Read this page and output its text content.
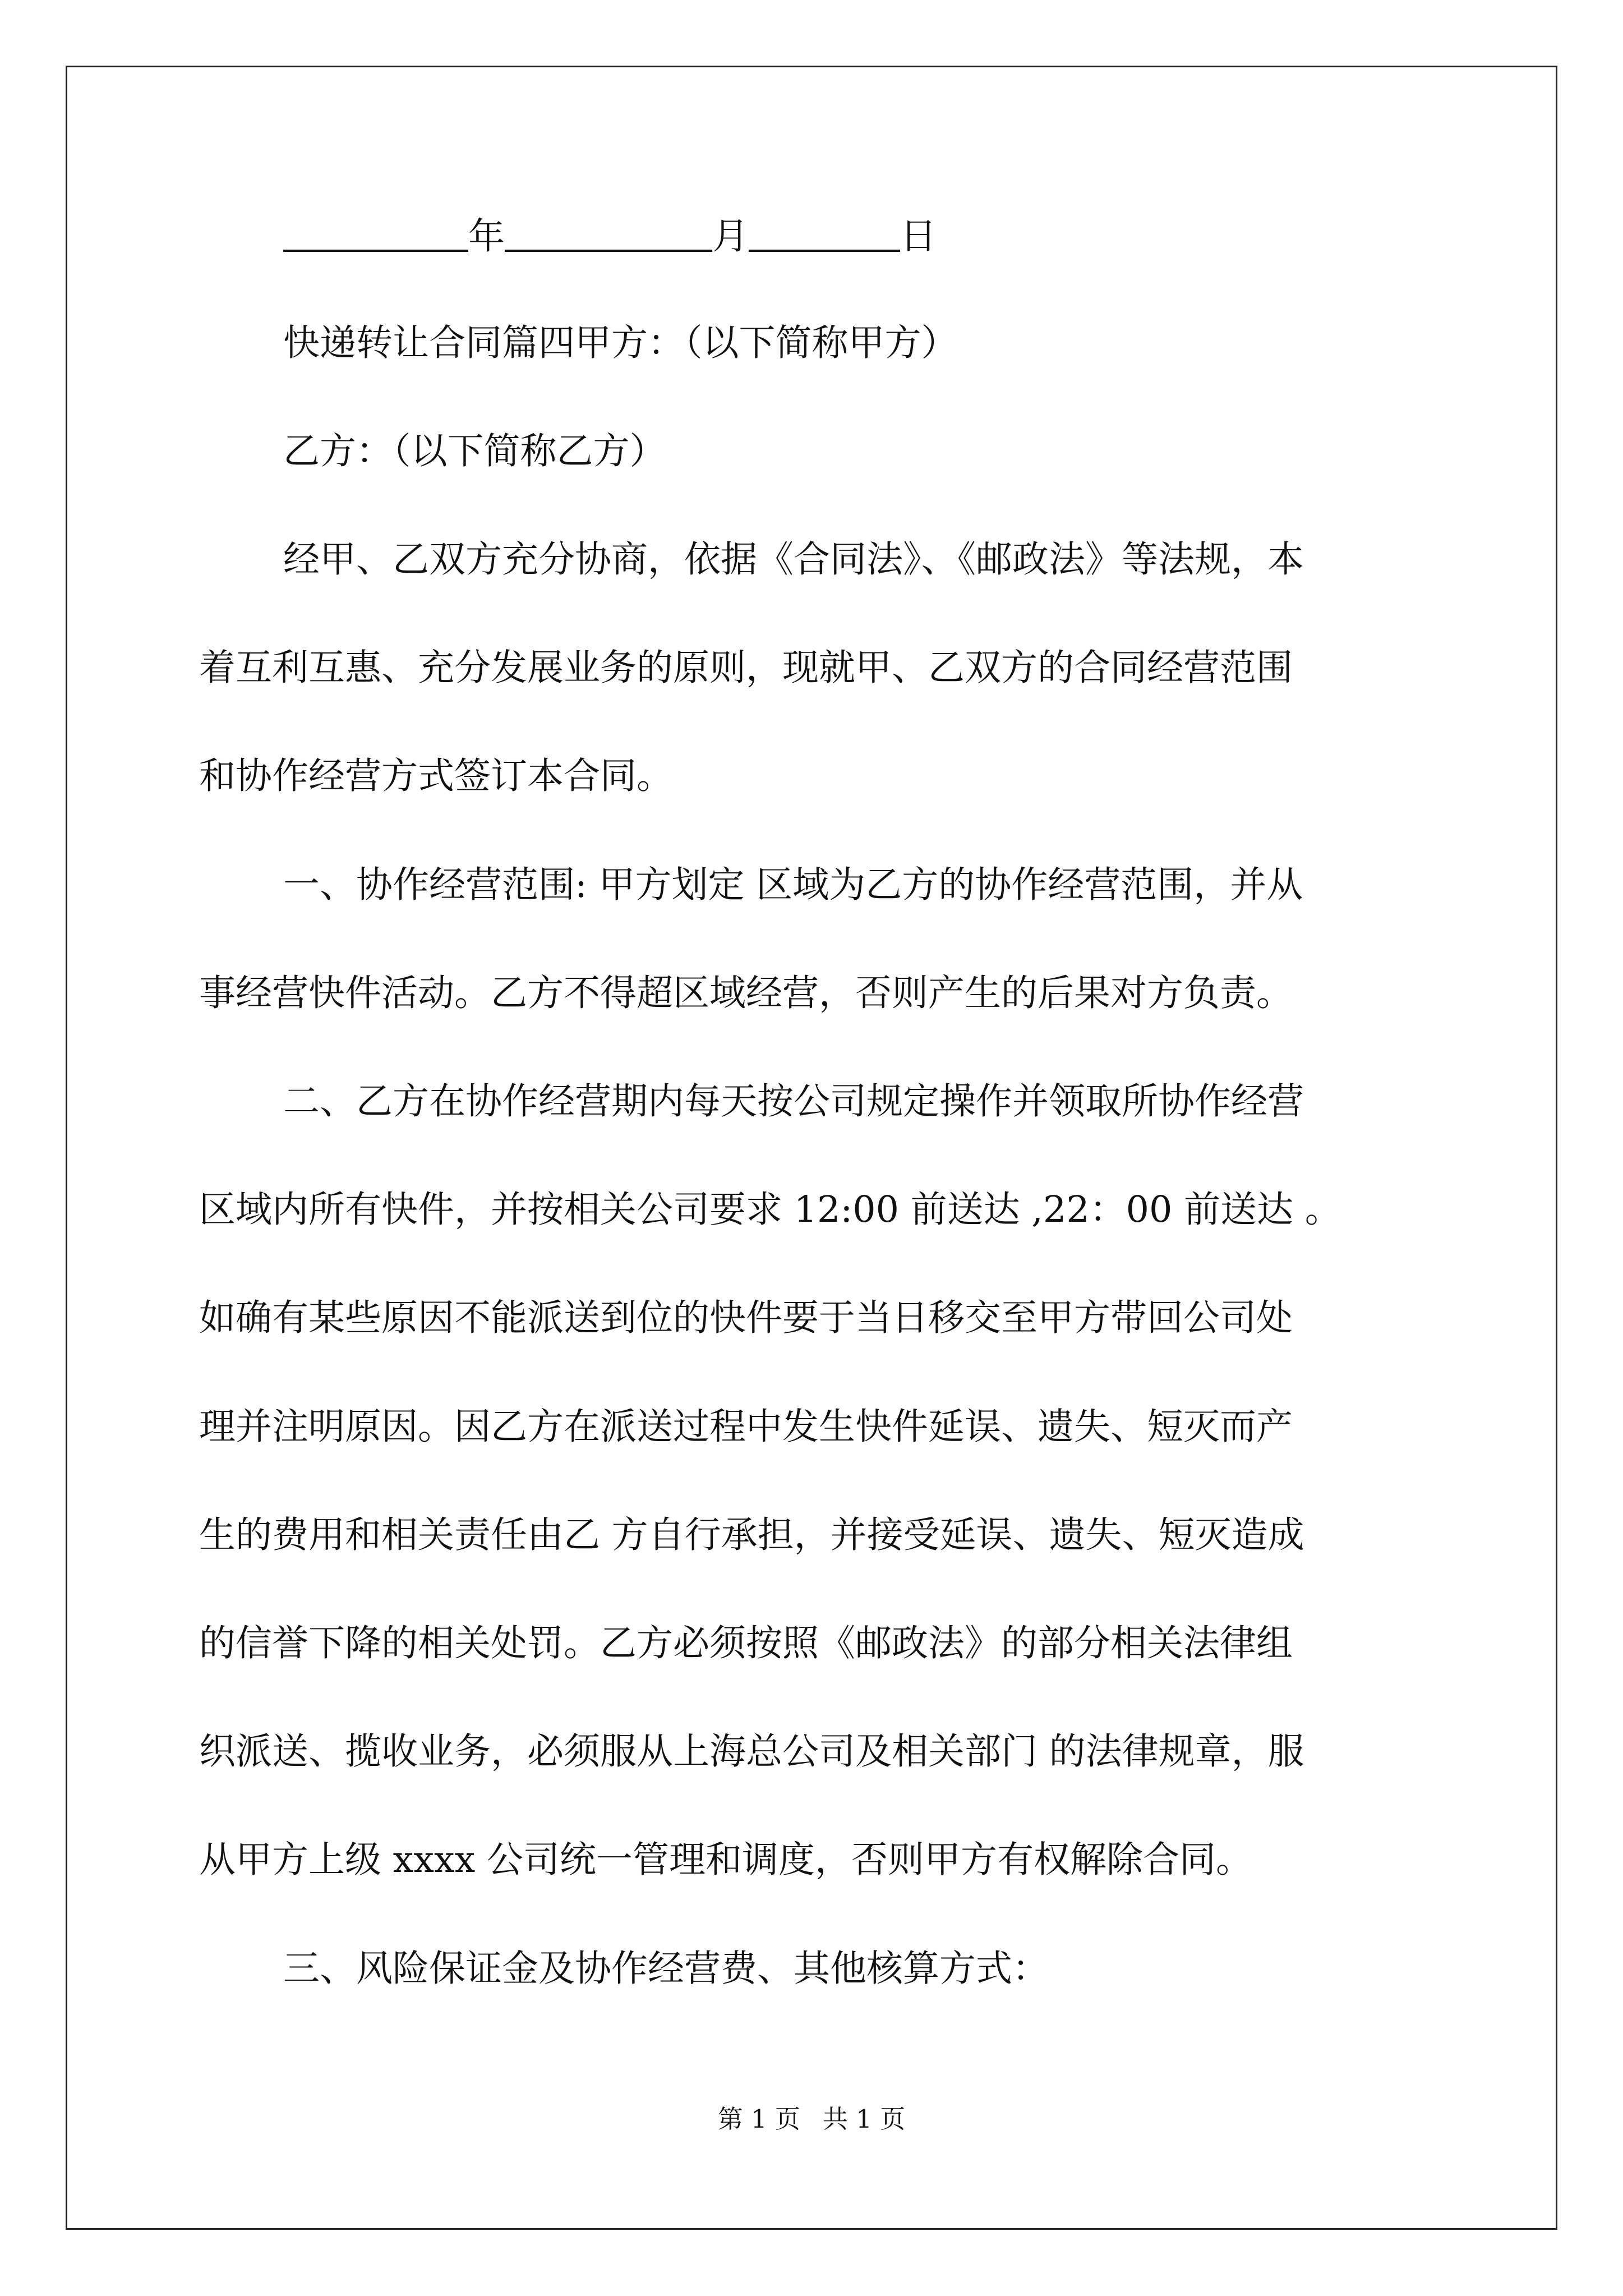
年	月	日
快递转让合同篇四甲方：（以下简称甲方）
乙方：（以下简称乙方）
经甲、乙双方充分协商，依据《合同法》、《邮政法》等法规，本
着互利互惠、充分发展业务的原则，现就甲、乙双方的合同经营范围
和协作经营方式签订本合同。
一、协作经营范围: 甲方划定 区域为乙方的协作经营范围，并从
事经营快件活动。乙方不得超区域经营，否则产生的后果对方负责。
二、乙方在协作经营期内每天按公司规定操作并领取所协作经营
区域内所有快件，并按相关公司要求 12:00 前送达 ,22：00 前送达 。
如确有某些原因不能派送到位的快件要于当日移交至甲方带回公司处
理并注明原因。因乙方在派送过程中发生快件延误、遗失、短灭而产
生的费用和相关责任由乙 方自行承担，并接受延误、遗失、短灭造成
的信誉下降的相关处罚。乙方必须按照《邮政法》的部分相关法律组
织派送、揽收业务，必须服从上海总公司及相关部门 的法律规章，服
从甲方上级 xxxx 公司统一管理和调度，否则甲方有权解除合同。
三、风险保证金及协作经营费、其他核算方式：
第 1 页 共 1 页
